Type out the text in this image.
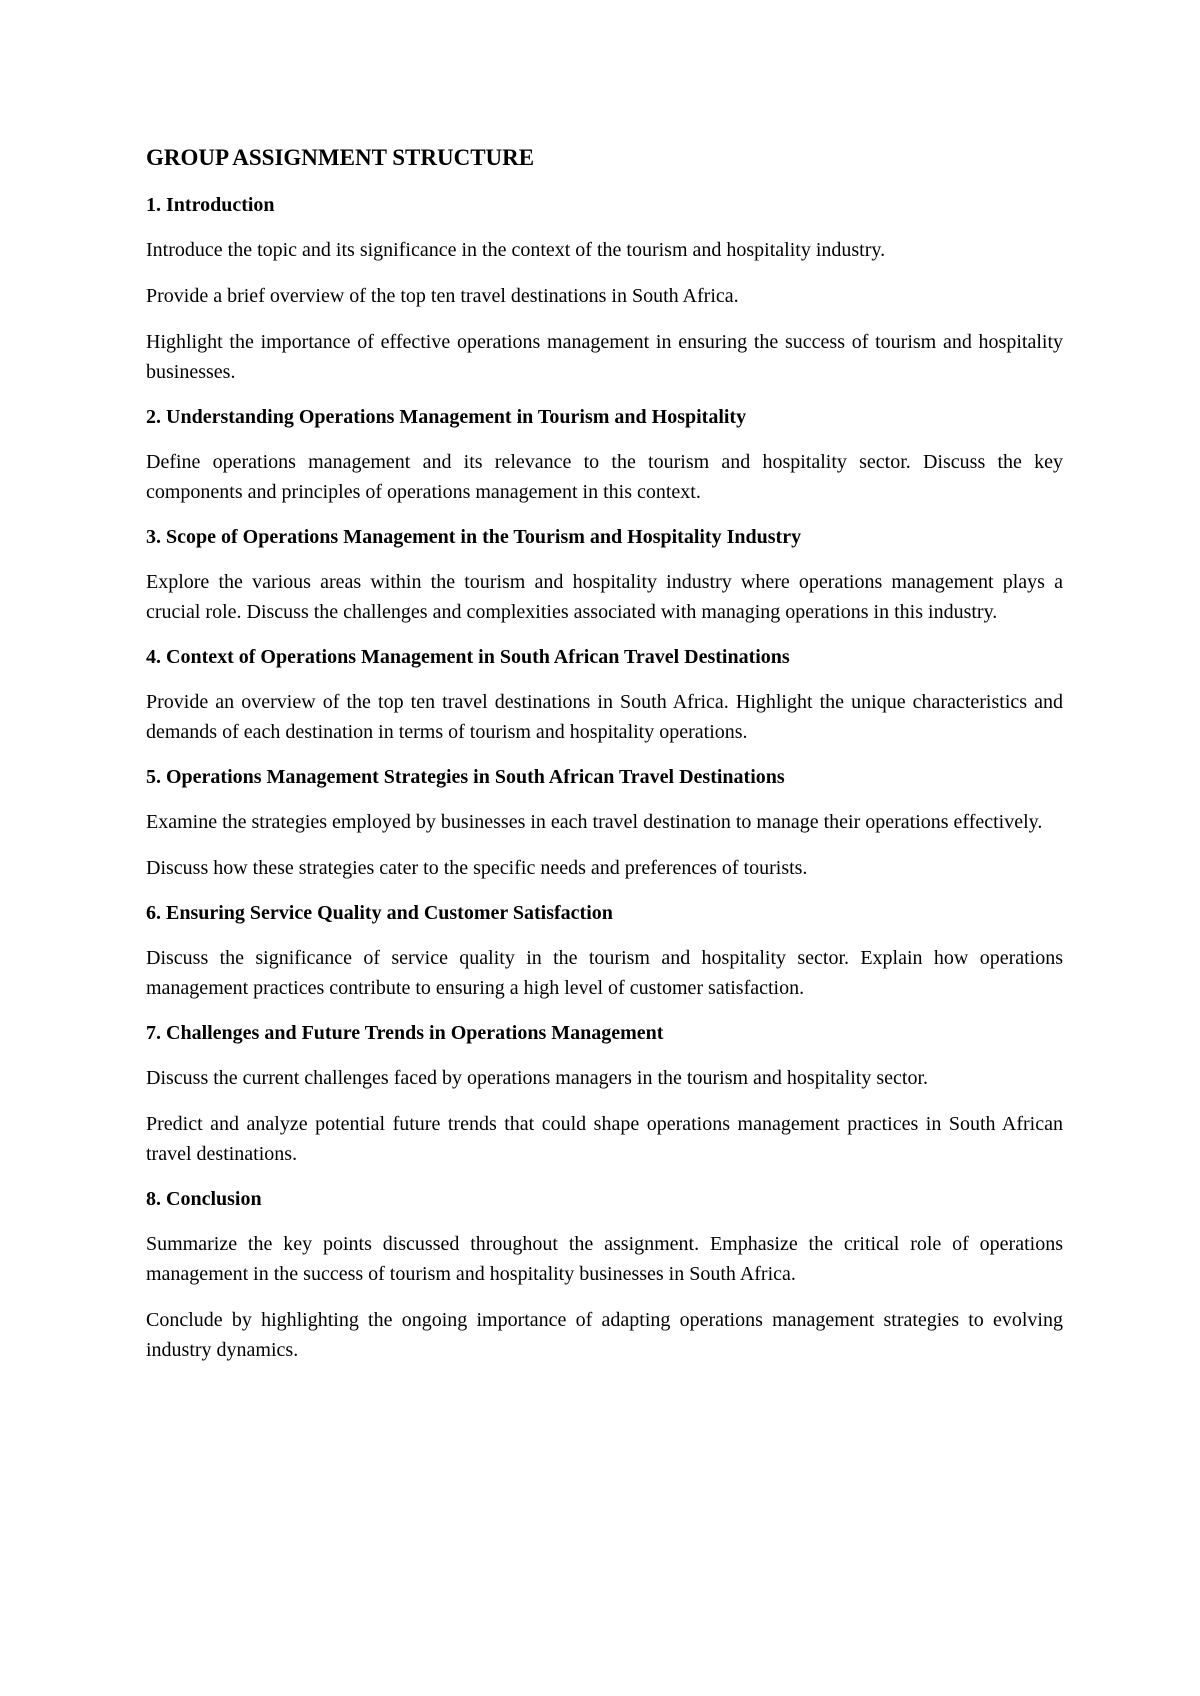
GROUP ASSIGNMENT STRUCTURE
1. Introduction

Introduce the topic and its significance in the context of the tourism and hospitality industry.

Provide a brief overview of the top ten travel destinations in South Africa.

Highlight the importance of effective operations management in ensuring the success of tourism and hospitality businesses.

2. Understanding Operations Management in Tourism and Hospitality

Define operations management and its relevance to the tourism and hospitality sector. Discuss the key components and principles of operations management in this context.

3. Scope of Operations Management in the Tourism and Hospitality Industry

Explore the various areas within the tourism and hospitality industry where operations management plays a crucial role. Discuss the challenges and complexities associated with managing operations in this industry.

4. Context of Operations Management in South African Travel Destinations

Provide an overview of the top ten travel destinations in South Africa. Highlight the unique characteristics and demands of each destination in terms of tourism and hospitality operations.

5. Operations Management Strategies in South African Travel Destinations

Examine the strategies employed by businesses in each travel destination to manage their operations effectively.

Discuss how these strategies cater to the specific needs and preferences of tourists.

6. Ensuring Service Quality and Customer Satisfaction

Discuss the significance of service quality in the tourism and hospitality sector. Explain how operations management practices contribute to ensuring a high level of customer satisfaction.

7. Challenges and Future Trends in Operations Management

Discuss the current challenges faced by operations managers in the tourism and hospitality sector.

Predict and analyze potential future trends that could shape operations management practices in South African travel destinations.

8. Conclusion

Summarize the key points discussed throughout the assignment. Emphasize the critical role of operations management in the success of tourism and hospitality businesses in South Africa.

Conclude by highlighting the ongoing importance of adapting operations management strategies to evolving industry dynamics.
